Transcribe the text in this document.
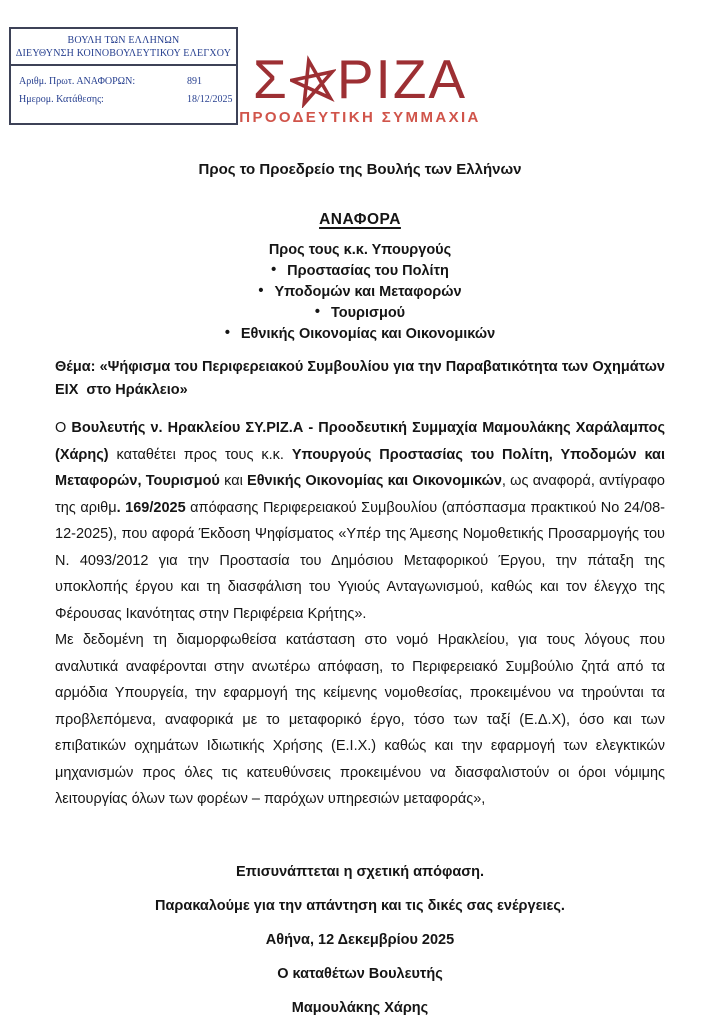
ΒΟΥΛΗ ΤΩΝ ΕΛΛΗΝΩΝ
ΔΙΕΥΘΥΝΣΗ ΚΟΙΝΟΒΟΥΛΕΥΤΙΚΟΥ ΕΛΕΓΧΟΥ
Αριθμ. Πρωτ. ΑΝΑΦΟΡΩΝ:	891
Ημερομ. Κατάθεσης:	18/12/2025 Σ ΡΙΖΑ
ΠΡΟΟΔΕΥΤΙΚΗ ΣΥΜΜΑΧΙΑ
Προς το Προεδρείο της Βουλής των Ελλήνων
ΑΝΑΦΟΡΑ
Προς τους κ.κ. Υπουργούς
• Προστασίας του Πολίτη
• Υποδομών και Μεταφορών
• Τουρισμού
• Εθνικής Οικονομίας και Οικονομικών
Θέμα: «Ψήφισμα του Περιφερειακού Συμβουλίου για την Παραβατικότητα των Οχημάτων ΕΙΧ  στο Ηράκλειο»

Ο Βουλευτής ν. Ηρακλείου ΣΥ.ΡΙΖ.Α - Προοδευτική Συμμαχία Μαμουλάκης Χαράλαμπος (Χάρης) καταθέτει προς τους κ.κ. Υπουργούς Προστασίας του Πολίτη, Υποδομών και Μεταφορών, Τουρισμού και Εθνικής Οικονομίας και Οικονομικών, ως αναφορά, αντίγραφο της αριθμ. 169/2025 απόφασης Περιφερειακού Συμβουλίου (απόσπασμα πρακτικού Νο 24/08-12-2025), που αφορά Έκδοση Ψηφίσματος «Υπέρ της Άμεσης Νομοθετικής Προσαρμογής του Ν. 4093/2012 για την Προστασία του Δημόσιου Μεταφορικού Έργου, την πάταξη της υποκλοπής έργου και τη διασφάλιση του Υγιούς Ανταγωνισμού, καθώς και τον έλεγχο της Φέρουσας Ικανότητας στην Περιφέρεια Κρήτης».

Με δεδομένη τη διαμορφωθείσα κατάσταση στο νομό Ηρακλείου, για τους λόγους που αναλυτικά αναφέρονται στην ανωτέρω απόφαση, το Περιφερειακό Συμβούλιο ζητά από τα αρμόδια Υπουργεία, την εφαρμογή της κείμενης νομοθεσίας, προκειμένου να τηρούνται τα προβλεπόμενα, αναφορικά με το μεταφορικό έργο, τόσο των ταξί (Ε.Δ.Χ), όσο και των επιβατικών οχημάτων Ιδιωτικής Χρήσης (Ε.Ι.Χ.) καθώς και την εφαρμογή των ελεγκτικών μηχανισμών προς όλες τις κατευθύνσεις προκειμένου να διασφαλιστούν οι όροι νόμιμης λειτουργίας όλων των φορέων – παρόχων υπηρεσιών μεταφοράς»,

Επισυνάπτεται η σχετική απόφαση.
Παρακαλούμε για την απάντηση και τις δικές σας ενέργειες.
Αθήνα, 12 Δεκεμβρίου 2025
Ο καταθέτων Βουλευτής
Μαμουλάκης Χάρης
